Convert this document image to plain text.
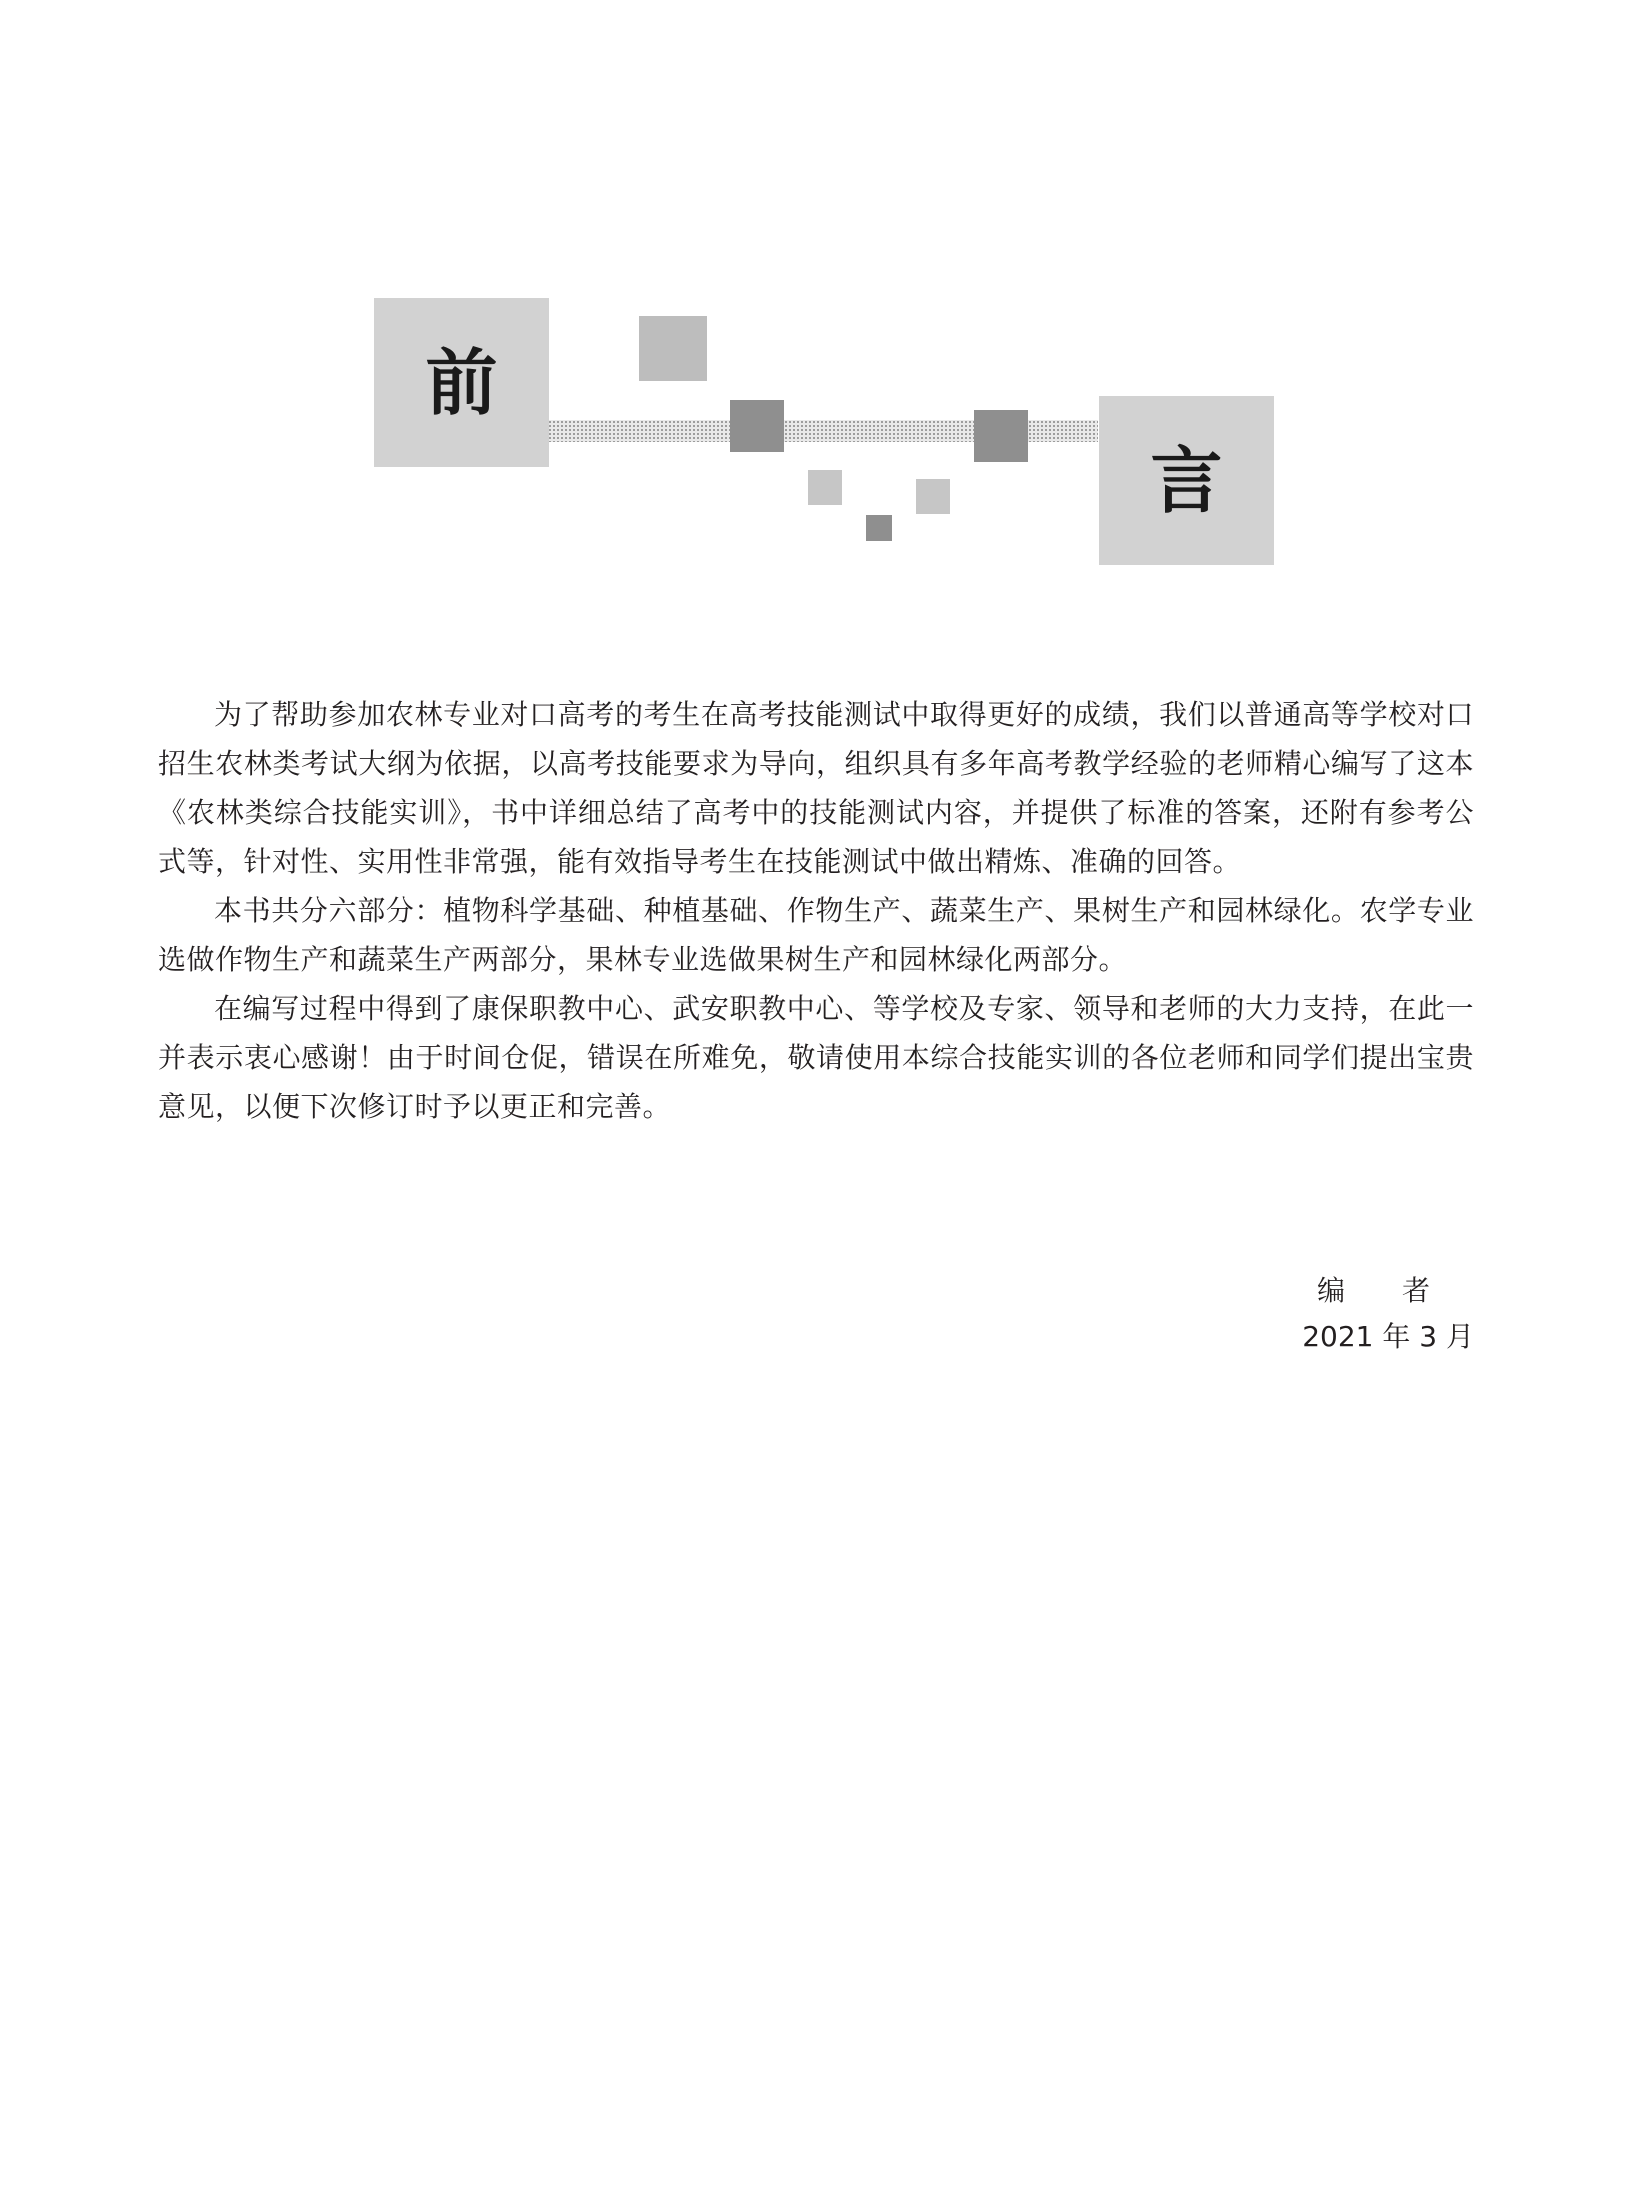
前
言

为了帮助参加农林专业对口高考的考生在高考技能测试中取得更好的成绩，我们以普通高等学校对口招生农林类考试大纲为依据，以高考技能要求为导向，组织具有多年高考教学经验的老师精心编写了这本《农林类综合技能实训》，书中详细总结了高考中的技能测试内容，并提供了标准的答案，还附有参考公式等，针对性、实用性非常强，能有效指导考生在技能测试中做出精炼、准确的回答。

本书共分六部分：植物科学基础、种植基础、作物生产、蔬菜生产、果树生产和园林绿化。农学专业选做作物生产和蔬菜生产两部分，果林专业选做果树生产和园林绿化两部分。

在编写过程中得到了康保职教中心、武安职教中心、等学校及专家、领导和老师的大力支持，在此一并表示衷心感谢！由于时间仓促，错误在所难免，敬请使用本综合技能实训的各位老师和同学们提出宝贵意见，以便下次修订时予以更正和完善。

编 者
2021 年 3 月
